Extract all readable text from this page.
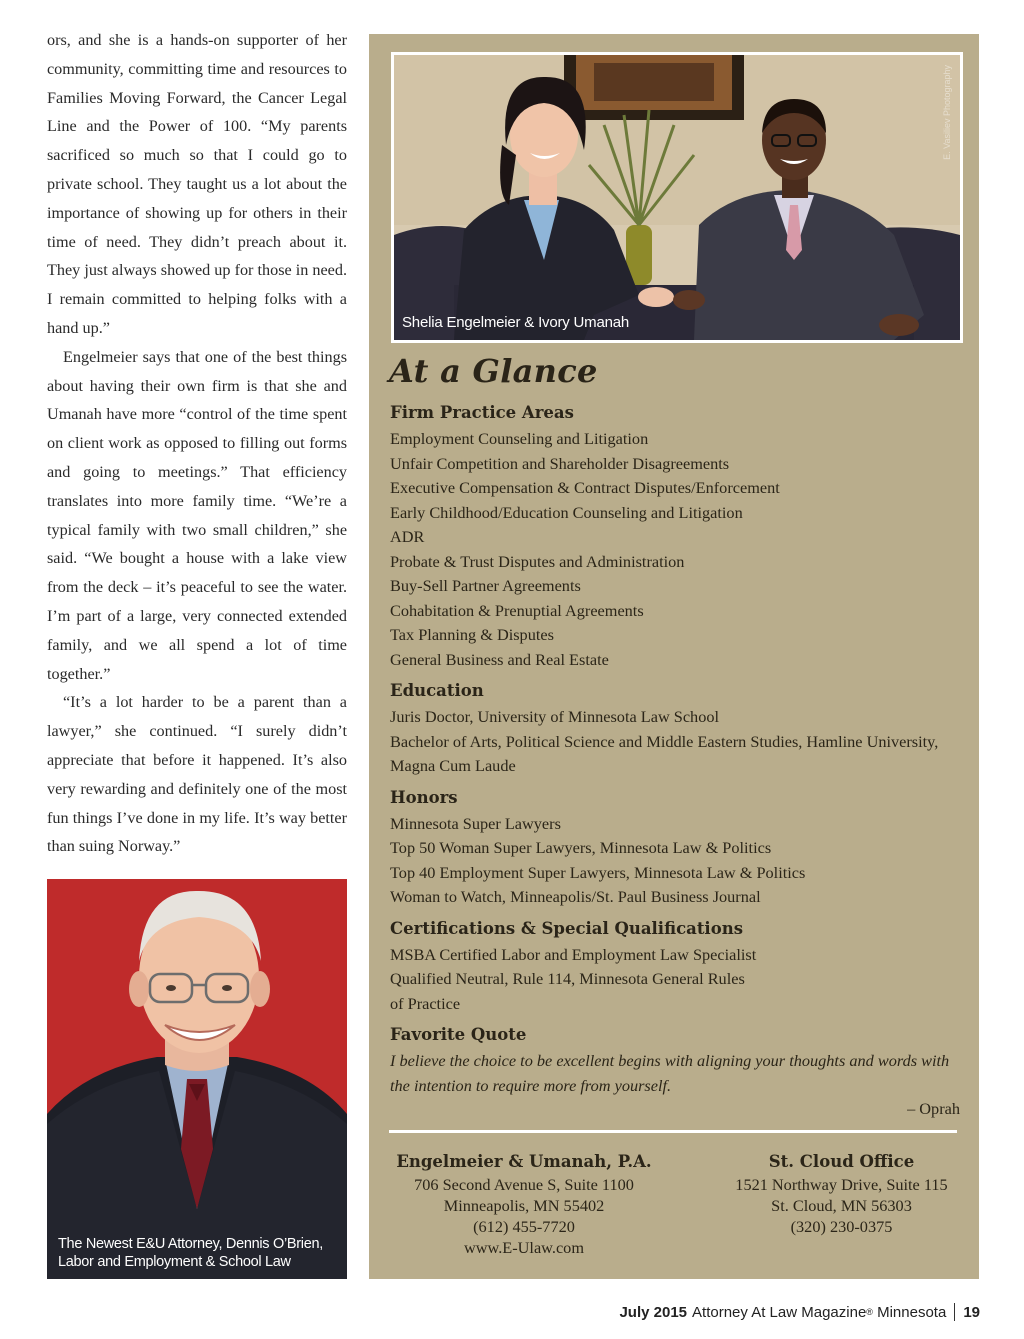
ors, and she is a hands-on supporter of her community, committing time and resources to Families Moving Forward, the Cancer Legal Line and the Power of 100. “My parents sacrificed so much so that I could go to private school. They taught us a lot about the importance of showing up for others in their time of need. They didn’t preach about it. They just always showed up for those in need. I remain committed to helping folks with a hand up.”

Engelmeier says that one of the best things about having their own firm is that she and Umanah have more “control of the time spent on client work as opposed to filling out forms and going to meetings.” That efficiency translates into more family time. “We’re a typical family with two small children,” she said. “We bought a house with a lake view from the deck – it’s peaceful to see the water. I’m part of a large, very connected extended family, and we all spend a lot of time together.”

“It’s a lot harder to be a parent than a lawyer,” she continued. “I surely didn’t appreciate that before it happened. It’s also very rewarding and definitely one of the most fun things I’ve done in my life. It’s way better than suing Norway.”

The Newest E&U Attorney, Dennis O’Brien,
Labor and Employment & School Law
E. Vasiliev Photography
Shelia Engelmeier & Ivory Umanah
At a Glance
Firm Practice Areas
Employment Counseling and Litigation
Unfair Competition and Shareholder Disagreements
Executive Compensation & Contract Disputes/Enforcement
Early Childhood/Education Counseling and Litigation
ADR
Probate & Trust Disputes and Administration
Buy-Sell Partner Agreements
Cohabitation & Prenuptial Agreements
Tax Planning & Disputes
General Business and Real Estate
Education
Juris Doctor, University of Minnesota Law School
Bachelor of Arts, Political Science and Middle Eastern Studies, Hamline University, Magna Cum Laude
Honors
Minnesota Super Lawyers
Top 50 Woman Super Lawyers, Minnesota Law & Politics
Top 40 Employment Super Lawyers, Minnesota Law & Politics
Woman to Watch, Minneapolis/St. Paul Business Journal
Certifications & Special Qualifications
MSBA Certified Labor and Employment Law Specialist
Qualified Neutral, Rule 114, Minnesota General Rules
of Practice
Favorite Quote

I believe the choice to be excellent begins with aligning your thoughts and words with the intention to require more from yourself.

– Oprah
Engelmeier & Umanah, P.A.
706 Second Avenue S, Suite 1100
Minneapolis, MN 55402
(612) 455-7720
www.E-Ulaw.com
St. Cloud Office
1521 Northway Drive, Suite 115
St. Cloud, MN 56303
(320) 230-0375
July 2015 Attorney At Law Magazine ®
Minnesota 19
